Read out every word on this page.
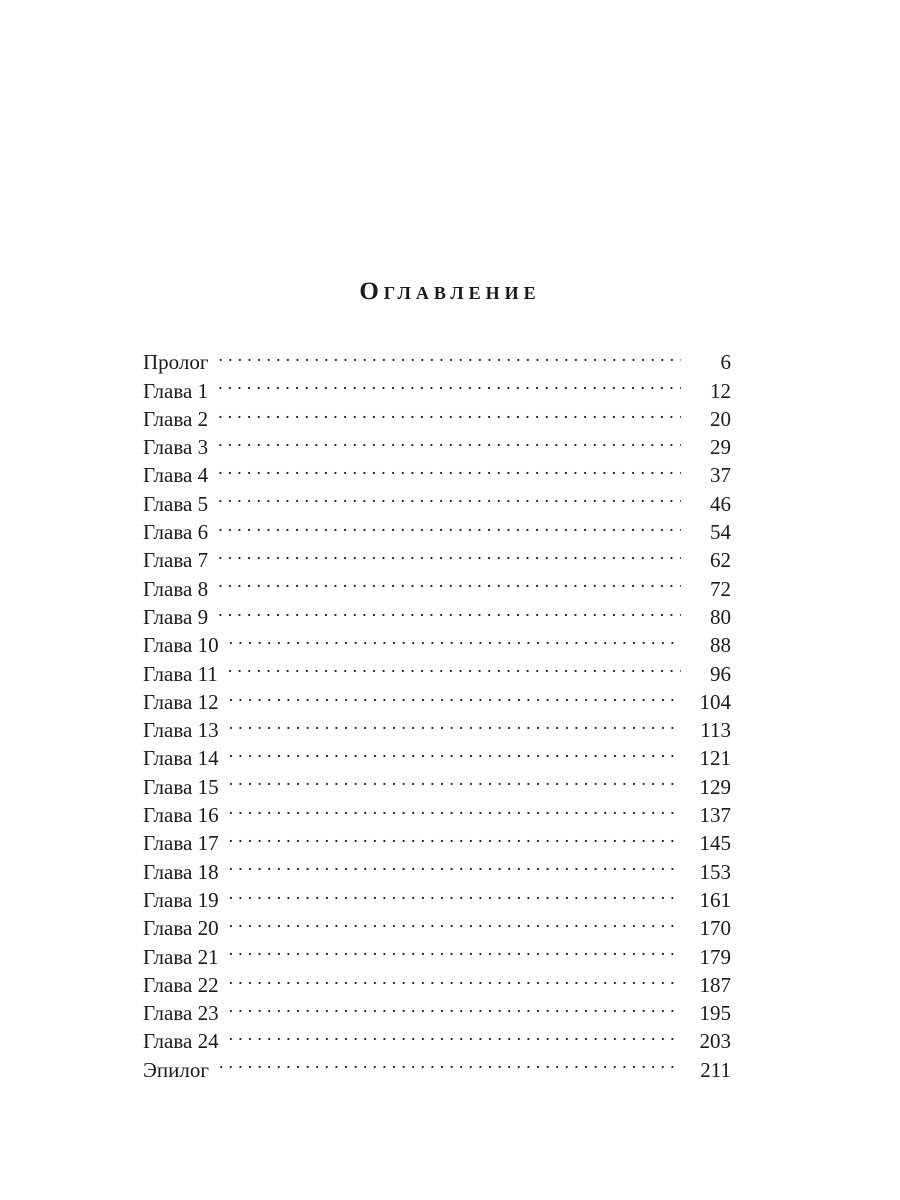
Оглавление
Пролог . . .	6
Глава 1 . . .	12
Глава 2 . . .	20
Глава 3 . . .	29
Глава 4 . . .	37
Глава 5 . . .	46
Глава 6 . . .	54
Глава 7 . . .	62
Глава 8 . . .	72
Глава 9 . . .	80
Глава 10 . . .	88
Глава 11 . . .	96
Глава 12 . . .	104
Глава 13 . . .	113
Глава 14 . . .	121
Глава 15 . . .	129
Глава 16 . . .	137
Глава 17 . . .	145
Глава 18 . . .	153
Глава 19 . . .	161
Глава 20 . . .	170
Глава 21 . . .	179
Глава 22 . . .	187
Глава 23 . . .	195
Глава 24 . . .	203
Эпилог . . .	211
